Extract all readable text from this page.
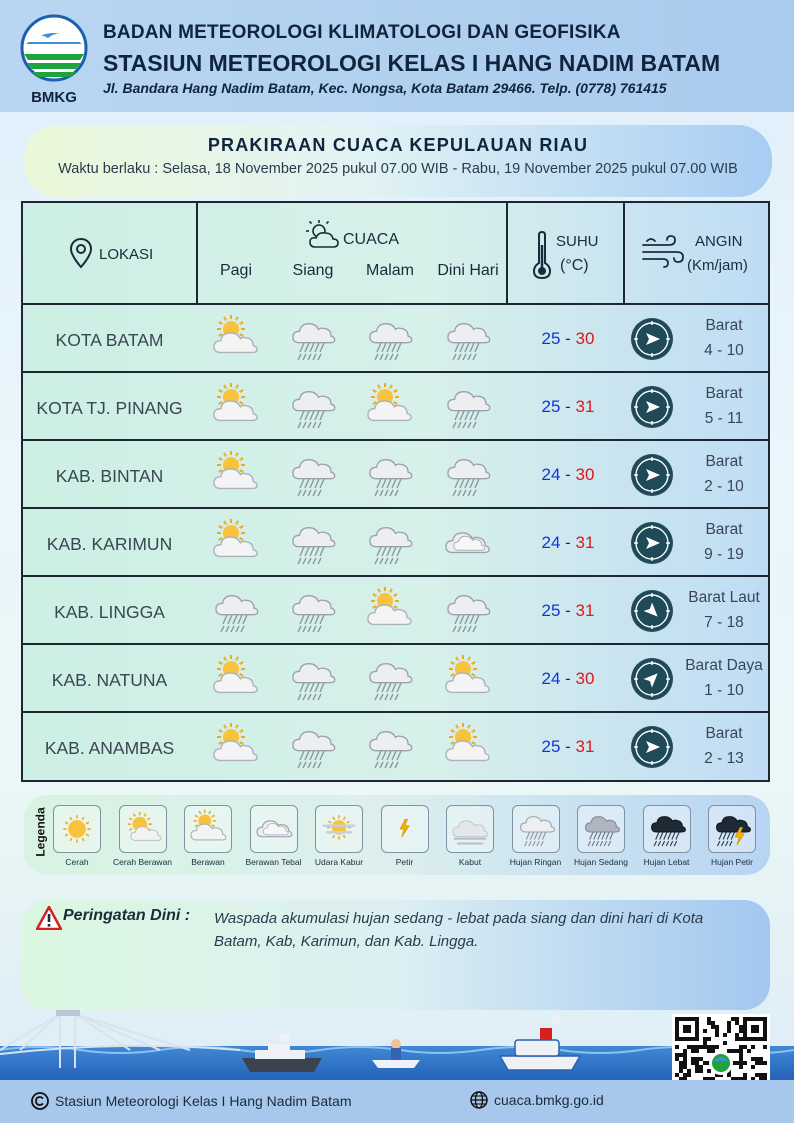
BMKG
BADAN METEOROLOGI KLIMATOLOGI DAN GEOFISIKA
STASIUN METEOROLOGI KELAS I HANG NADIM BATAM
Jl. Bandara Hang Nadim Batam, Kec. Nongsa, Kota Batam 29466. Telp. (0778) 761415
PRAKIRAAN CUACA KEPULAUAN RIAU
Waktu berlaku : Selasa, 18 November 2025 pukul 07.00 WIB - Rabu, 19 November 2025 pukul 07.00 WIB
LOKASI
CUACA
Pagi	Siang	Malam	Dini Hari
SUHU
(°C)
ANGIN
(Km/jam)
KOTA BATAM	25 - 30
Barat
4 - 10
KOTA TJ. PINANG	25 - 31
Barat
5 - 11
KAB. BINTAN	24 - 30
Barat
2 - 10
KAB. KARIMUN	24 - 31
Barat
9 - 19
KAB. LINGGA	25 - 31
Barat Laut
7 - 18
KAB. NATUNA	24 - 30
Barat Daya
1 - 10
KAB. ANAMBAS	25 - 31
Barat
2 - 13
Legenda
Cerah	Cerah Berawan	Berawan	Berawan Tebal	Udara Kabur	Petir	Kabut	Hujan Ringan	Hujan Sedang	Hujan Lebat	Hujan Petir
Peringatan Dini : Waspada akumulasi hujan sedang - lebat pada siang dan dini hari di Kota Batam, Kab, Karimun, dan Kab. Lingga.
Stasiun Meteorologi Kelas I Hang Nadim Batam	cuaca.bmkg.go.id
